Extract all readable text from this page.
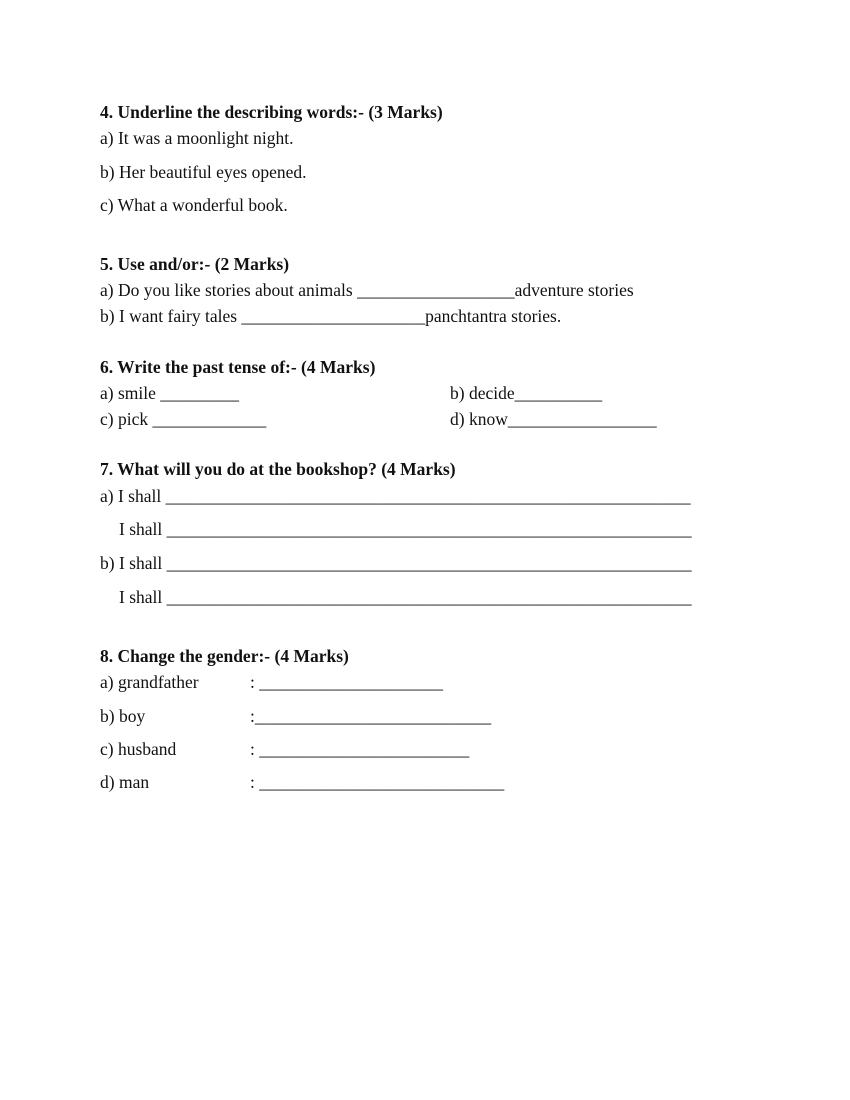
4. Underline the describing words:- (3 Marks)
a) It was a moonlight night.
b) Her beautiful eyes opened.
c) What a wonderful book.
5. Use and/or:- (2 Marks)
a) Do you like stories about animals __________________adventure stories
b) I want fairy tales _____________________panchtantra stories.
6. Write the past tense of:- (4 Marks)
a) smile _________	b) decide__________
c) pick _____________	d) know_________________
7. What will you do at the bookshop? (4 Marks)
a) I shall ____________________________________________________________
I shall ____________________________________________________________
b) I shall ____________________________________________________________
I shall ____________________________________________________________
8. Change the gender:- (4 Marks)
a) grandfather	: _____________________
b) boy	:___________________________
c) husband	: ________________________
d) man	: ____________________________
